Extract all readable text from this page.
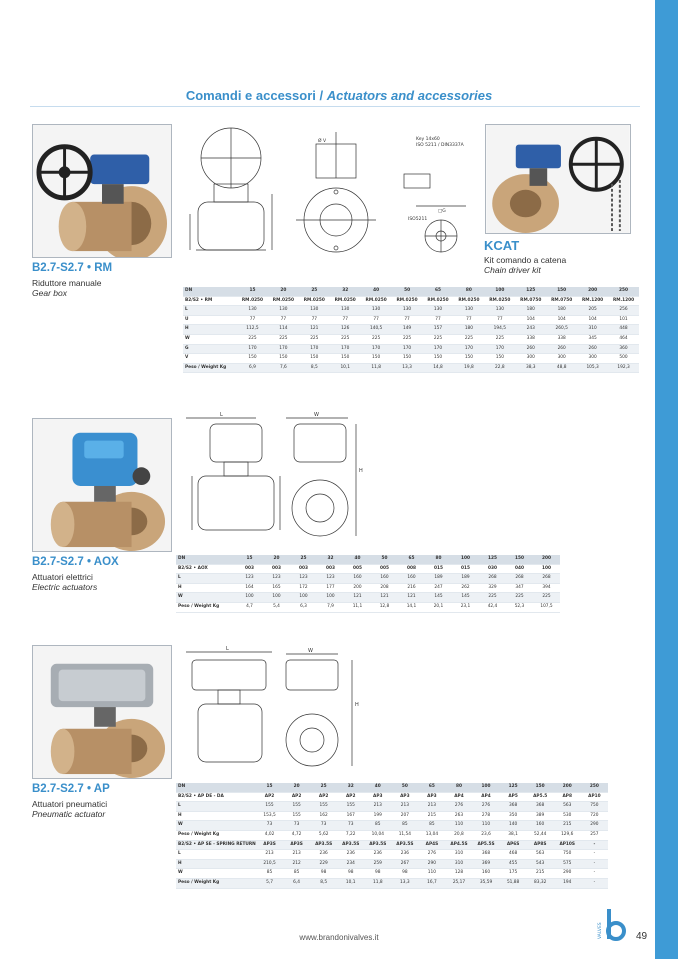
Comandi e accessori / Actuators and accessories
B2.7-S2.7 • RM
Riduttore manuale
Gear box
Key 14x60
ISO 5211 / DIN3337A
ISO5211
□G
Ø V
KCAT
Kit comando a catena
Chain driver kit
DN	15	20	25	32	40	50	65	80	100	125	150	200	250
B2/S2 • RM	RM.0250	RM.0250	RM.0250	RM.0250	RM.0250	RM.0250	RM.0250	RM.0250	RM.0250	RM.0750	RM.0750	RM.1200	RM.1200
L	130	130	130	130	130	130	130	130	130	180	180	205	256
U	77	77	77	77	77	77	77	77	77	104	104	104	101
H	112,5	114	121	126	140,5	149	157	180	194,5	243	260,5	310	448
W	225	225	225	225	225	225	225	225	225	338	338	345	464
G	170	170	170	170	170	170	170	170	170	260	260	260	360
V	150	150	150	150	150	150	150	150	150	300	300	300	500
Peso / Weight Kg	6,9	7,6	8,5	10,1	11,8	13,3	14,8	19,8	22,8	38,3	48,8	105,3	192,3
B2.7-S2.7 • AOX
Attuatori elettrici
Electric actuators
L	W
H
DN	15	20	25	32	40	50	65	80	100	125	150	200
B2/S2 • AOX	003	003	003	003	005	005	008	015	015	030	040	100
L	123	123	123	123	160	160	160	189	189	268	268	268
H	164	165	172	177	200	208	216	247	262	329	347	394
W	100	100	100	100	121	121	121	145	145	225	225	225
Peso / Weight Kg	4,7	5,4	6,3	7,9	11,1	12,8	14,1	20,1	23,1	42,4	52,3	107,5
B2.7-S2.7 • AP
Attuatori pneumatici
Pneumatic actuator
L	W
H
DN	15	20	25	32	40	50	65	80	100	125	150	200	250
B2/S2 • AP DE - DA	AP2	AP2	AP2	AP2	AP3	AP3	AP3	AP4	AP4	AP5	AP5.5	AP8	AP10
L	155	155	155	155	213	213	213	276	276	368	368	563	750
H	153,5	155	162	167	199	207	215	263	278	350	389	530	720
W	73	73	73	73	85	85	85	110	110	140	160	215	290
Peso / Weight Kg	4,02	4,72	5,62	7,22	10,04	11,54	13,04	20,8	23,6	38,1	52,44	129,6	257
B2/S2 • AP SE - SPRING RETURN	AP3S	AP3S	AP3.5S	AP3.5S	AP3.5S	AP3.5S	AP4S	AP4.5S	AP5.5S	AP6S	AP8S	AP10S	-
L	213	213	236	236	236	236	276	310	368	468	563	750	-
H	210,5	212	229	234	259	267	290	310	369	455	543	575	-
W	85	85	98	98	98	98	110	128	160	175	215	290	-
Peso / Weight Kg	5,7	6,4	8,5	10,1	11,8	13,3	16,7	25,17	35,59	51,88	83,32	194	-
www.brandonivalves.it	VALVES	49
